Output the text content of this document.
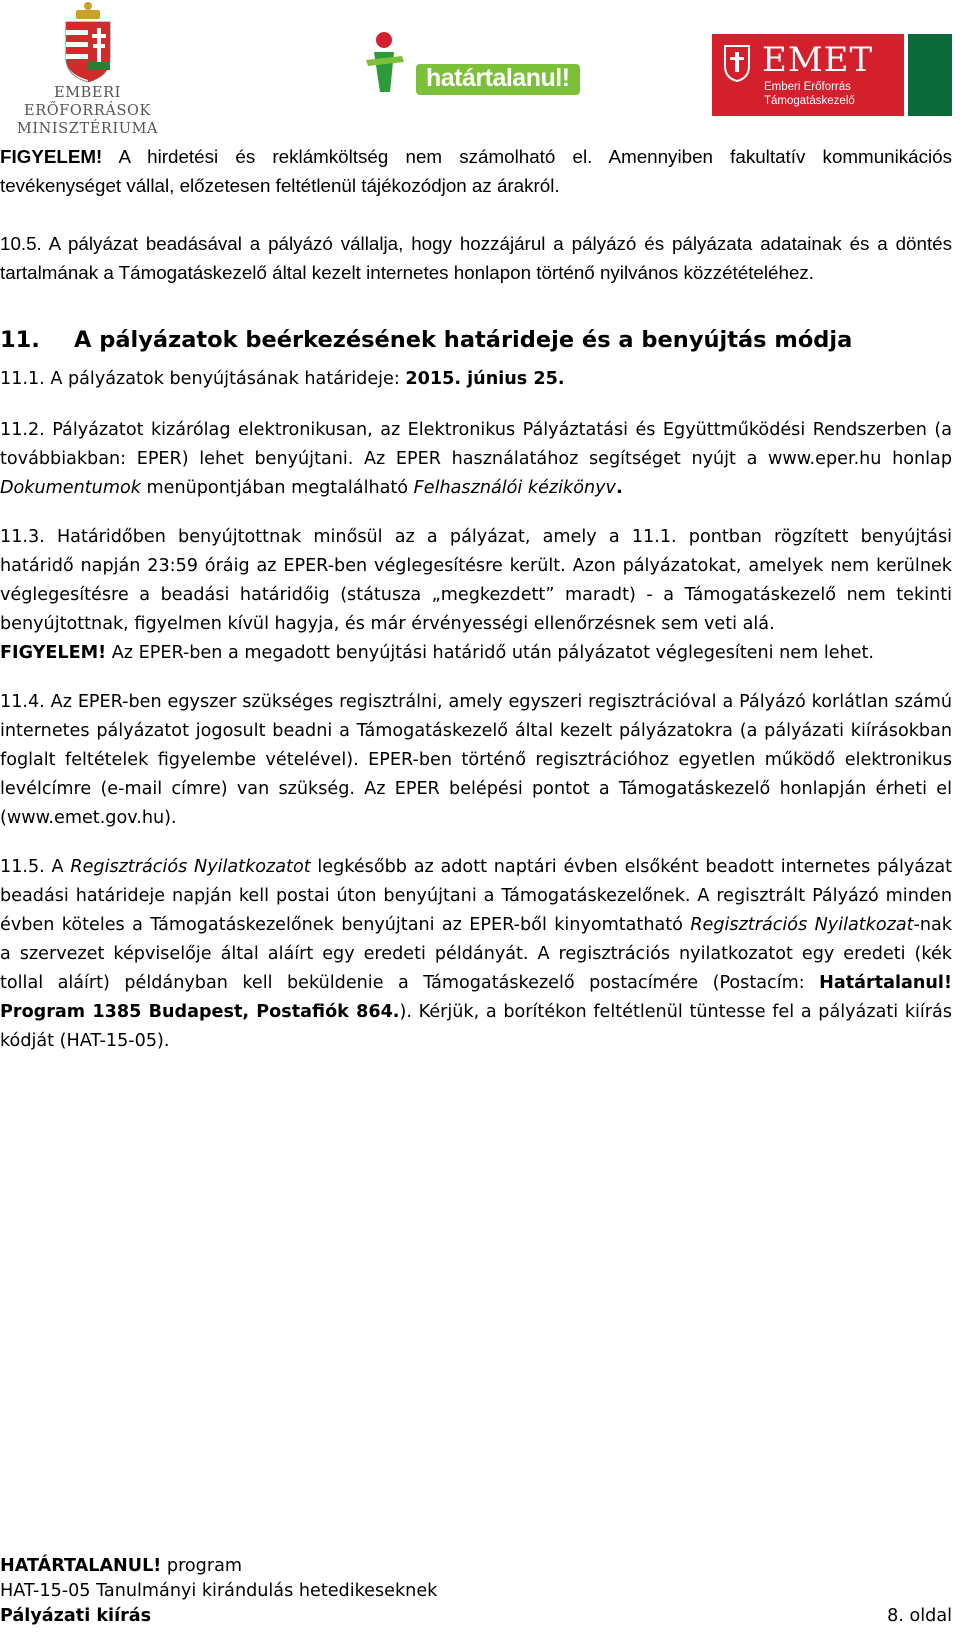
EMBERI ERŐFORRÁSOK
MINISZTÉRIUMA
határtalanul!	EMET
Emberi Erőforrás
Támogatáskezelő

FIGYELEM! A hirdetési és reklámköltség nem számolható el. Amennyiben fakultatív kommunikációs tevékenységet vállal, előzetesen feltétlenül tájékozódjon az árakról.

10.5. A pályázat beadásával a pályázó vállalja, hogy hozzájárul a pályázó és pályázata adatainak és a döntés tartalmának a Támogatáskezelő által kezelt internetes honlapon történő nyilvános közzétételéhez.

11. A pályázatok beérkezésének határideje és a benyújtás módja

11.1. A pályázatok benyújtásának határideje: 2015. június 25.

11.2. Pályázatot kizárólag elektronikusan, az Elektronikus Pályáztatási és Együttműködési Rendszerben (a továbbiakban: EPER) lehet benyújtani. Az EPER használatához segítséget nyújt a www.eper.hu honlap Dokumentumok menüpontjában megtalálható Felhasználói kézikönyv.

11.3. Határidőben benyújtottnak minősül az a pályázat, amely a 11.1. pontban rögzített benyújtási határidő napján 23:59 óráig az EPER-ben véglegesítésre került. Azon pályázatokat, amelyek nem kerülnek véglegesítésre a beadási határidőig (státusza „megkezdett” maradt) - a Támogatáskezelő nem tekinti benyújtottnak, figyelmen kívül hagyja, és már érvényességi ellenőrzésnek sem veti alá.
FIGYELEM! Az EPER-ben a megadott benyújtási határidő után pályázatot véglegesíteni nem lehet.

11.4. Az EPER-ben egyszer szükséges regisztrálni, amely egyszeri regisztrációval a Pályázó korlátlan számú internetes pályázatot jogosult beadni a Támogatáskezelő által kezelt pályázatokra (a pályázati kiírásokban foglalt feltételek figyelembe vételével). EPER-ben történő regisztrációhoz egyetlen működő elektronikus levélcímre (e-mail címre) van szükség. Az EPER belépési pontot a Támogatáskezelő honlapján érheti el (www.emet.gov.hu).

11.5. A Regisztrációs Nyilatkozatot legkésőbb az adott naptári évben elsőként beadott internetes pályázat beadási határideje napján kell postai úton benyújtani a Támogatáskezelőnek. A regisztrált Pályázó minden évben köteles a Támogatáskezelőnek benyújtani az EPER-ből kinyomtatható Regisztrációs Nyilatkozat-nak a szervezet képviselője által aláírt egy eredeti példányát. A regisztrációs nyilatkozatot egy eredeti (kék tollal aláírt) példányban kell beküldenie a Támogatáskezelő postacímére (Postacím: Határtalanul! Program 1385 Budapest, Postafiók 864.). Kérjük, a borítékon feltétlenül tüntesse fel a pályázati kiírás kódját (HAT-15-05).

HATÁRTALANUL! program
HAT-15-05 Tanulmányi kirándulás hetedikeseknek
Pályázati kiírás	8. oldal
